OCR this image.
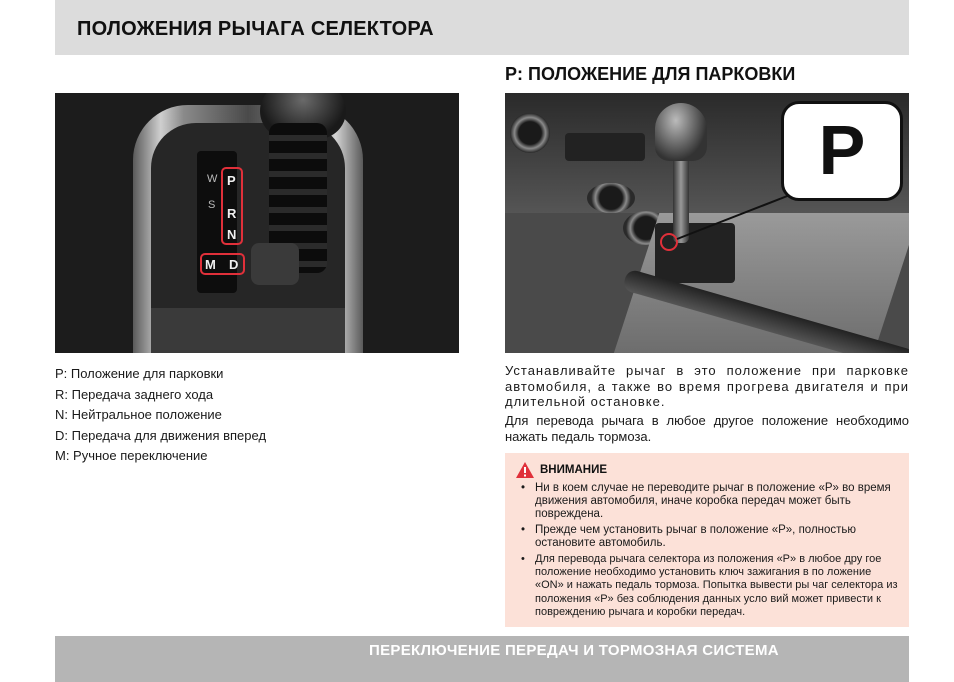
ПОЛОЖЕНИЯ РЫЧАГА СЕЛЕКТОРА
P: ПОЛОЖЕНИЕ ДЛЯ ПАРКОВКИ
W
S
P
R
N
M D
P
P: Положение для парковки
R: Передача заднего хода
N: Нейтральное положение
D: Передача для движения вперед
M: Ручное переключение
Устанавливайте рычаг в это положение при парковке автомобиля, а также во время прогрева двигателя и при длительной остановке.
Для перевода рычага в любое другое положение необходимо нажать педаль тормоза.
ВНИМАНИЕ
• Ни в коем случае не переводите рычаг в положение «P» во время движения автомобиля, иначе коробка передач может быть повреждена.
• Прежде чем установить рычаг в положение «P», полностью остановите автомобиль.
• Для перевода рычага селектора из положения «P» в любое дру гое положение необходимо установить ключ зажигания в по ложение «ON» и нажать педаль тормоза. Попытка вывести ры чаг селектора из положения «P» без соблюдения данных усло вий может привести к повреждению рычага и коробки передач.
ПЕРЕКЛЮЧЕНИЕ ПЕРЕДАЧ И ТОРМОЗНАЯ СИСТЕМА
